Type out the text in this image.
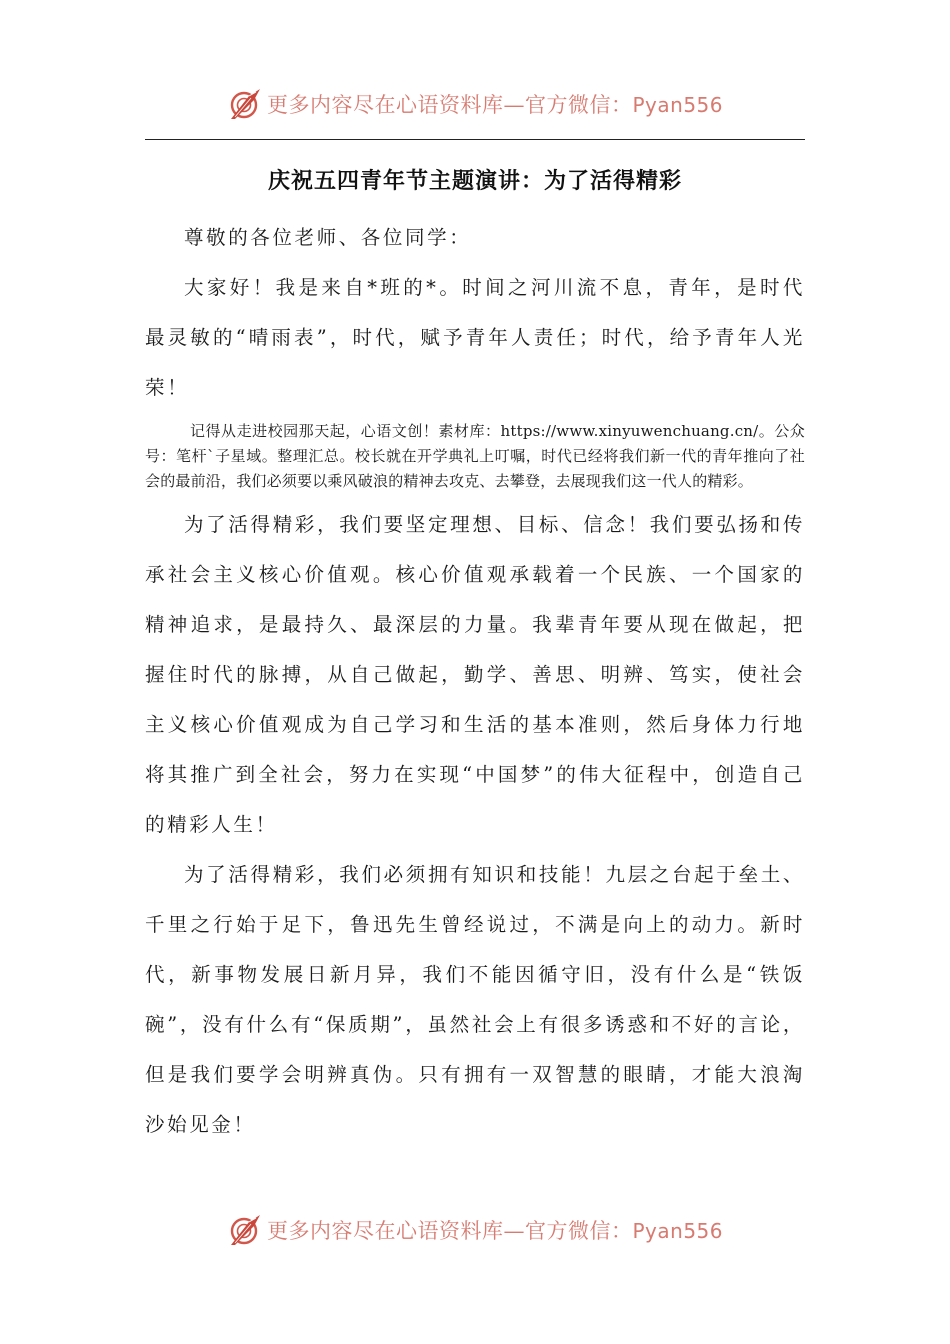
更多内容尽在心语资料库—官方微信：Pyan556
庆祝五四青年节主题演讲：为了活得精彩

尊敬的各位老师、各位同学：

大家好！我是来自*班的*。时间之河川流不息，青年，是时代最灵敏的“晴雨表”，时代，赋予青年人责任；时代，给予青年人光荣！

记得从走进校园那天起，心语文创！素材库：https://www.xinyuwenchuang.cn/。公众号：笔杆`子星域。整理汇总。校长就在开学典礼上叮嘱，时代已经将我们新一代的青年推向了社会的最前沿，我们必须要以乘风破浪的精神去攻克、去攀登，去展现我们这一代人的精彩。

为了活得精彩，我们要坚定理想、目标、信念！我们要弘扬和传承社会主义核心价值观。核心价值观承载着一个民族、一个国家的精神追求，是最持久、最深层的力量。我辈青年要从现在做起，把握住时代的脉搏，从自己做起，勤学、善思、明辨、笃实，使社会主义核心价值观成为自己学习和生活的基本准则，然后身体力行地将其推广到全社会，努力在实现“中国梦”的伟大征程中，创造自己的精彩人生！

为了活得精彩，我们必须拥有知识和技能！九层之台起于垒土、千里之行始于足下，鲁迅先生曾经说过，不满是向上的动力。新时代，新事物发展日新月异，我们不能因循守旧，没有什么是“铁饭碗”，没有什么有“保质期”，虽然社会上有很多诱惑和不好的言论，但是我们要学会明辨真伪。只有拥有一双智慧的眼睛，才能大浪淘沙始见金！

更多内容尽在心语资料库—官方微信：Pyan556
